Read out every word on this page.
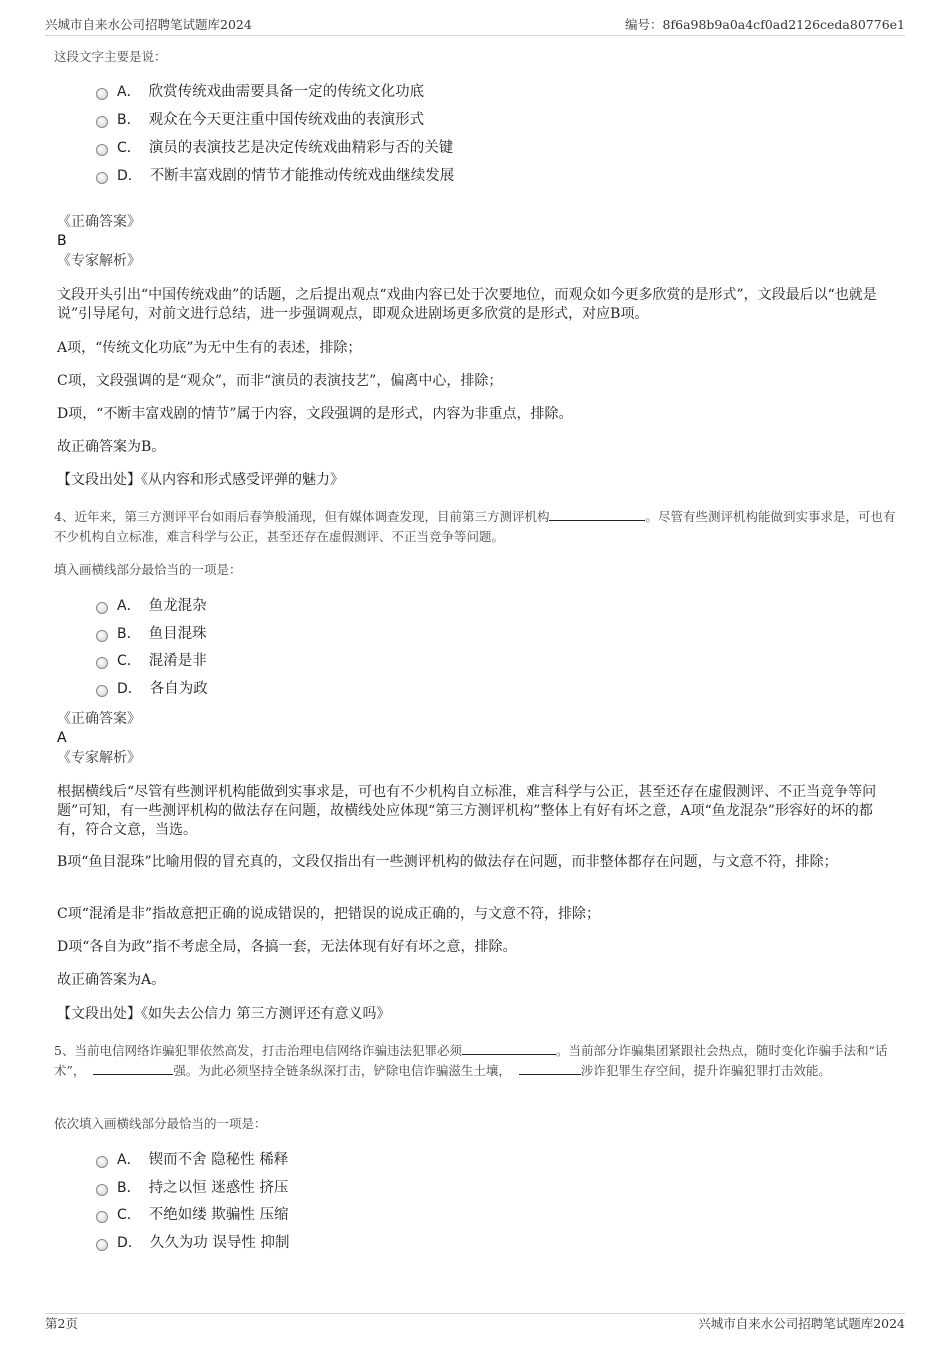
兴城市自来水公司招聘笔试题库2024	编号：8f6a98b9a0a4cf0ad2126ceda80776e1
这段文字主要是说：
A． 欣赏传统戏曲需要具备一定的传统文化功底
B． 观众在今天更注重中国传统戏曲的表演形式
C． 演员的表演技艺是决定传统戏曲精彩与否的关键
D． 不断丰富戏剧的情节才能推动传统戏曲继续发展
《正确答案》
B
《专家解析》
文段开头引出“中国传统戏曲”的话题，之后提出观点“戏曲内容已处于次要地位，而观众如今更多欣赏的是形式”，文段最后以“也就是说”引导尾句，对前文进行总结，进一步强调观点，即观众进剧场更多欣赏的是形式，对应B项。
A项，“传统文化功底”为无中生有的表述，排除；
C项，文段强调的是“观众”，而非“演员的表演技艺”，偏离中心，排除；
D项，“不断丰富戏剧的情节”属于内容，文段强调的是形式，内容为非重点，排除。
故正确答案为B。
【文段出处】《从内容和形式感受评弹的魅力》
4、近年来，第三方测评平台如雨后春笋般涌现，但有媒体调查发现，目前第三方测评机构	。尽管有些测评机构能做到实事求是，可也有不少机构自立标准，难言科学与公正，甚至还存在虚假测评、不正当竞争等问题。
填入画横线部分最恰当的一项是：
A． 鱼龙混杂
B． 鱼目混珠
C． 混淆是非
D． 各自为政
《正确答案》
A
《专家解析》
根据横线后“尽管有些测评机构能做到实事求是，可也有不少机构自立标准，难言科学与公正，甚至还存在虚假测评、不正当竞争等问题”可知，有一些测评机构的做法存在问题，故横线处应体现“第三方测评机构”整体上有好有坏之意，A项“鱼龙混杂”形容好的坏的都有，符合文意，当选。
B项“鱼目混珠”比喻用假的冒充真的，文段仅指出有一些测评机构的做法存在问题，而非整体都存在问题，与文意不符，排除；
C项“混淆是非”指故意把正确的说成错误的，把错误的说成正确的，与文意不符，排除；
D项“各自为政”指不考虑全局，各搞一套，无法体现有好有坏之意，排除。
故正确答案为A。
【文段出处】《如失去公信力 第三方测评还有意义吗》
5、当前电信网络诈骗犯罪依然高发，打击治理电信网络诈骗违法犯罪必须	。当前部分诈骗集团紧跟社会热点，随时变化诈骗手法和“话术”，	强。为此必须坚持全链条纵深打击，铲除电信诈骗滋生土壤，	涉诈犯罪生存空间，提升诈骗犯罪打击效能。
依次填入画横线部分最恰当的一项是：
A． 锲而不舍 隐秘性 稀释
B． 持之以恒 迷惑性 挤压
C． 不绝如缕 欺骗性 压缩
D． 久久为功 误导性 抑制
第2页	兴城市自来水公司招聘笔试题库2024
